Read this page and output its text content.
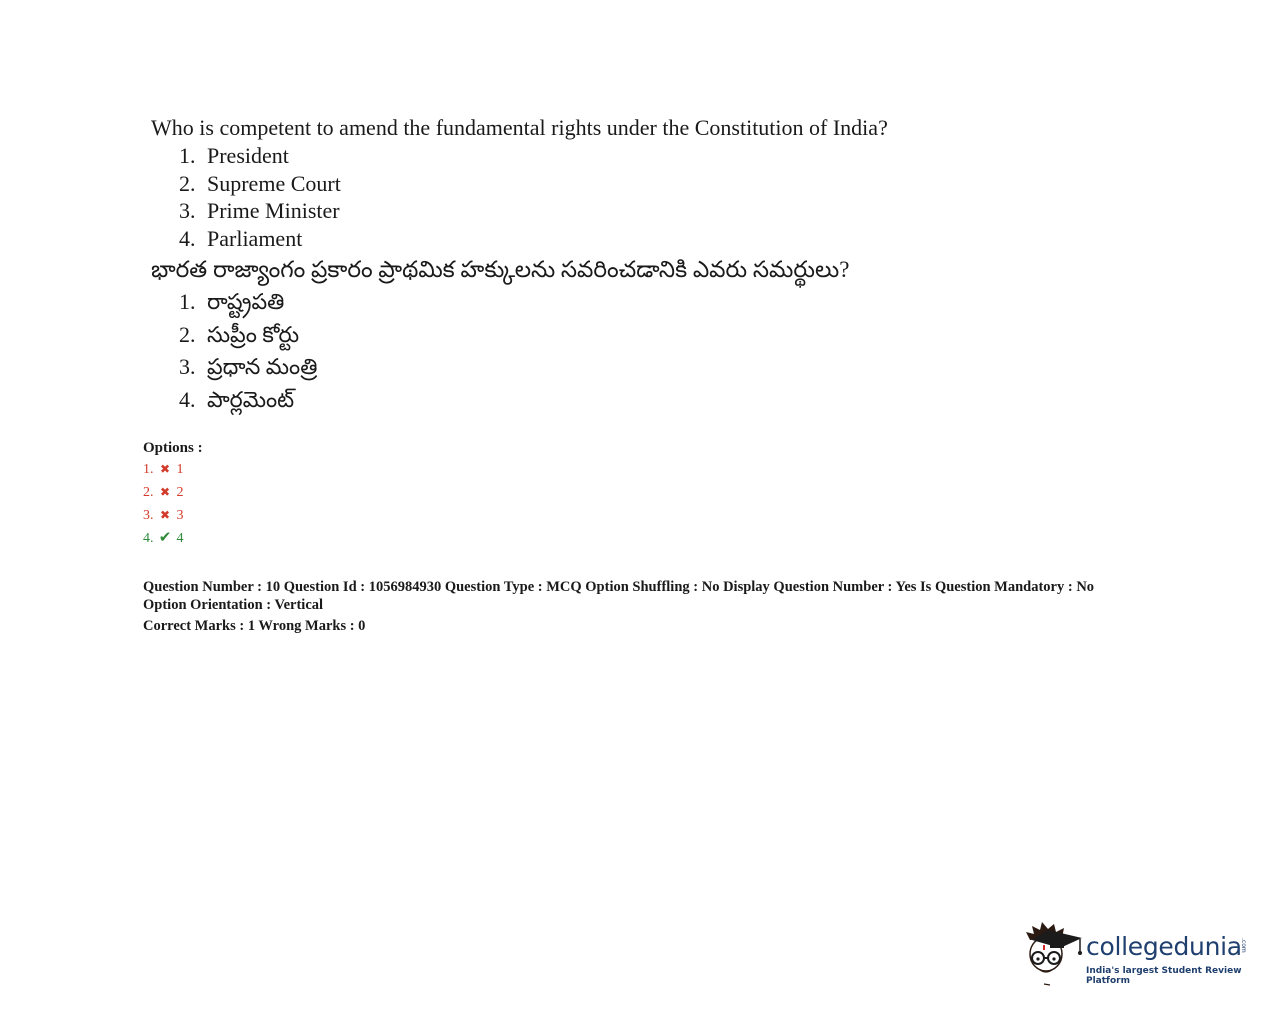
Who is competent to amend the fundamental rights under the Constitution of India?
1. President
2. Supreme Court
3. Prime Minister
4. Parliament
భారత రాజ్యాంగం ప్రకారం ప్రాథమిక హక్కులను సవరించడానికి ఎవరు సమర్థులు?
1. రాష్ట్రపతి
2. సుప్రీం కోర్టు
3. ప్రధాన మంత్రి
4. పార్లమెంట్
Options :
1. ✖ 1
2. ✖ 2
3. ✖ 3
4. ✔ 4
Question Number : 10 Question Id : 1056984930 Question Type : MCQ Option Shuffling : No Display Question Number : Yes Is Question Mandatory : No
Option Orientation : Vertical
Correct Marks : 1 Wrong Marks : 0
collegedunia
.com
India's largest Student Review Platform
